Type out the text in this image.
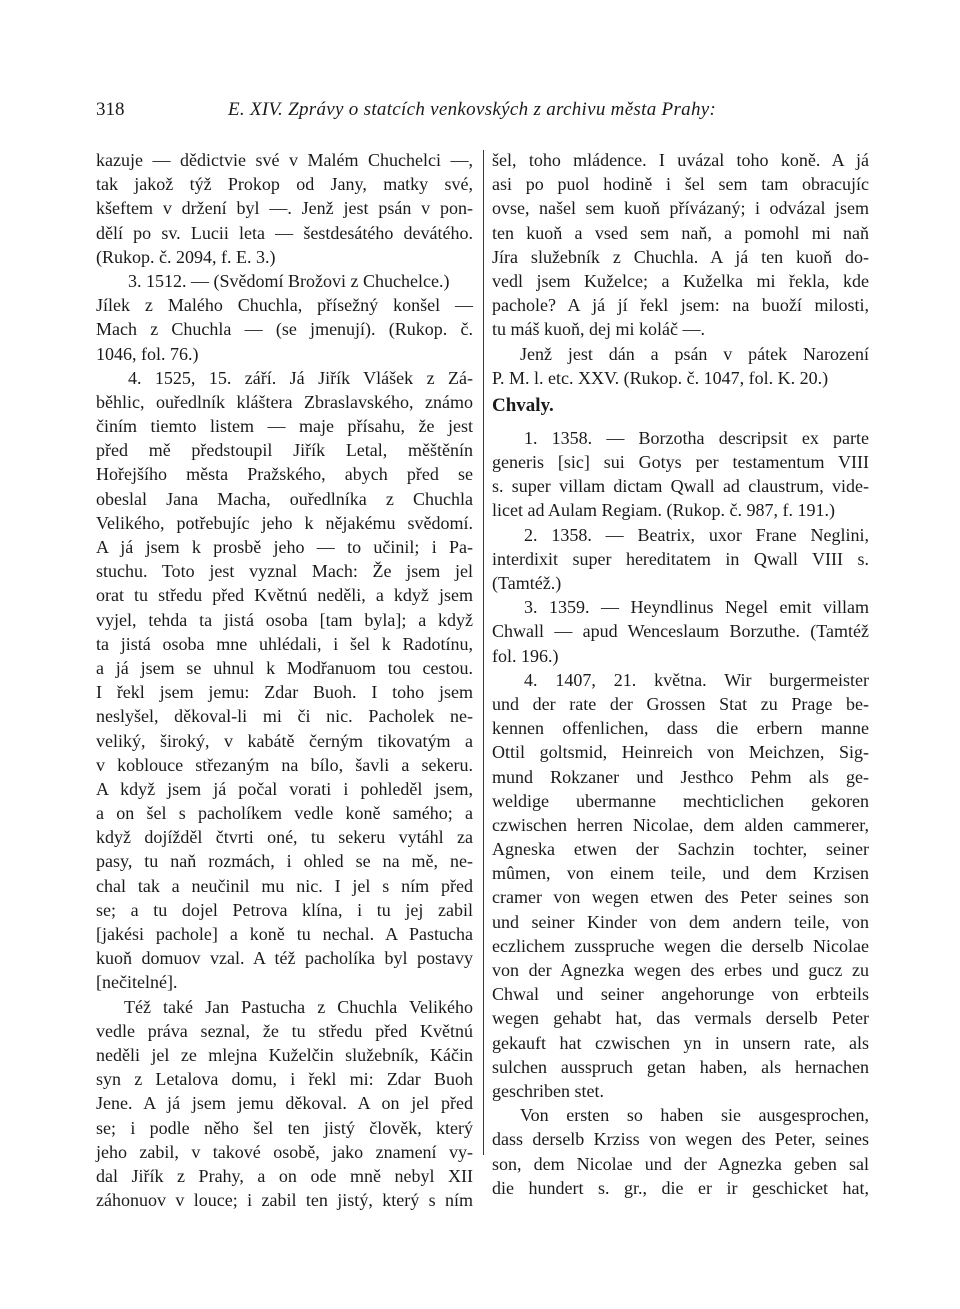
318	E. XIV. Zprávy o statcích venkovských z archivu města Prahy:
kazuje — dědictvie své v Malém Chuchelci —,
tak jakož týž Prokop od Jany, matky své,
kšeftem v držení byl —. Jenž jest psán v pon-
dělí po sv. Lucii leta — šestdesátého devátého.
(Rukop. č. 2094, f. E. 3.)
3. 1512. — (Svědomí Brožovi z Chuchelce.)
Jílek z Malého Chuchla, přísežný konšel —
Mach z Chuchla — (se jmenují). (Rukop. č.
1046, fol. 76.)
4. 1525, 15. září. Já Jiřík Vlášek z Zá-
běhlic, ouředlník kláštera Zbraslavského, známo
činím tiemto listem — maje přísahu, že jest
před mě předstoupil Jiřík Letal, měštěnín
Hořejšího města Pražského, abych před se
obeslal Jana Macha, ouředlníka z Chuchla
Velikého, potřebujíc jeho k nějakému svědomí.
A já jsem k prosbě jeho — to učinil; i Pa-
stuchu. Toto jest vyznal Mach: Že jsem jel
orat tu středu před Květnú neděli, a když jsem
vyjel, tehda ta jistá osoba [tam byla]; a když
ta jistá osoba mne uhlédali, i šel k Radotínu,
a já jsem se uhnul k Modřanuom tou cestou.
I řekl jsem jemu: Zdar Buoh. I toho jsem
neslyšel, děkoval-li mi či nic. Pacholek ne-
veliký, široký, v kabátě černým tikovatým a
v koblouce střezaným na bílo, šavli a sekeru.
A když jsem já počal vorati i pohleděl jsem,
a on šel s pacholíkem vedle koně samého; a
když dojížděl čtvrti oné, tu sekeru vytáhl za
pasy, tu naň rozmách, i ohled se na mě, ne-
chal tak a neučinil mu nic. I jel s ním před
se; a tu dojel Petrova klína, i tu jej zabil
[jakési pachole] a koně tu nechal. A Pastucha
kuoň domuov vzal. A též pacholíka byl postavy
[nečitelné].
Též také Jan Pastucha z Chuchla Velikého
vedle práva seznal, že tu středu před Květnú
neděli jel ze mlejna Kuželčin služebník, Káčin
syn z Letalova domu, i řekl mi: Zdar Buoh
Jene. A já jsem jemu děkoval. A on jel před
se; i podle něho šel ten jistý člověk, který
jeho zabil, v takové osobě, jako znamení vy-
dal Jiřík z Prahy, a on ode mně nebyl XII
záhonuov v louce; i zabil ten jistý, který s ním
šel, toho mládence. I uvázal toho koně. A já
asi po puol hodině i šel sem tam obracujíc
ovse, našel sem kuoň přívázaný; i odvázal jsem
ten kuoň a vsed sem naň, a pomohl mi naň
Jíra služebník z Chuchla. A já ten kuoň do-
vedl jsem Kuželce; a Kuželka mi řekla, kde
pachole? A já jí řekl jsem: na buoží milosti,
tu máš kuoň, dej mi koláč —.
Jenž jest dán a psán v pátek Narození
P. M. l. etc. XXV. (Rukop. č. 1047, fol. K. 20.)
Chvaly.
1. 1358. — Borzotha descripsit ex parte
generis [sic] sui Gotys per testamentum VIII
s. super villam dictam Qwall ad claustrum, vide-
licet ad Aulam Regiam. (Rukop. č. 987, f. 191.)
2. 1358. — Beatrix, uxor Frane Neglini,
interdixit super hereditatem in Qwall VIII s.
(Tamtéž.)
3. 1359. — Heyndlinus Negel emit villam
Chwall — apud Wenceslaum Borzuthe. (Tamtéž
fol. 196.)
4. 1407, 21. května. Wir burgermeister
und der rate der Grossen Stat zu Prage be-
kennen offenlichen, dass die erbern manne
Ottil goltsmid, Heinreich von Meichzen, Sig-
mund Rokzaner und Jesthco Pehm als ge-
weldige ubermanne mechticlichen gekoren
czwischen herren Nicolae, dem alden cammerer,
Agneska etwen der Sachzin tochter, seiner
mûmen, von einem teile, und dem Krzisen
cramer von wegen etwen des Peter seines son
und seiner Kinder von dem andern teile, von
eczlichem zusspruche wegen die derselb Nicolae
von der Agnezka wegen des erbes und gucz zu
Chwal und seiner angehorunge von erbteils
wegen gehabt hat, das vermals derselb Peter
gekauft hat czwischen yn in unsern rate, als
sulchen ausspruch getan haben, als hernachen
geschriben stet.
Von ersten so haben sie ausgesprochen,
dass derselb Krziss von wegen des Peter, seines
son, dem Nicolae und der Agnezka geben sal
die hundert s. gr., die er ir geschicket hat,
